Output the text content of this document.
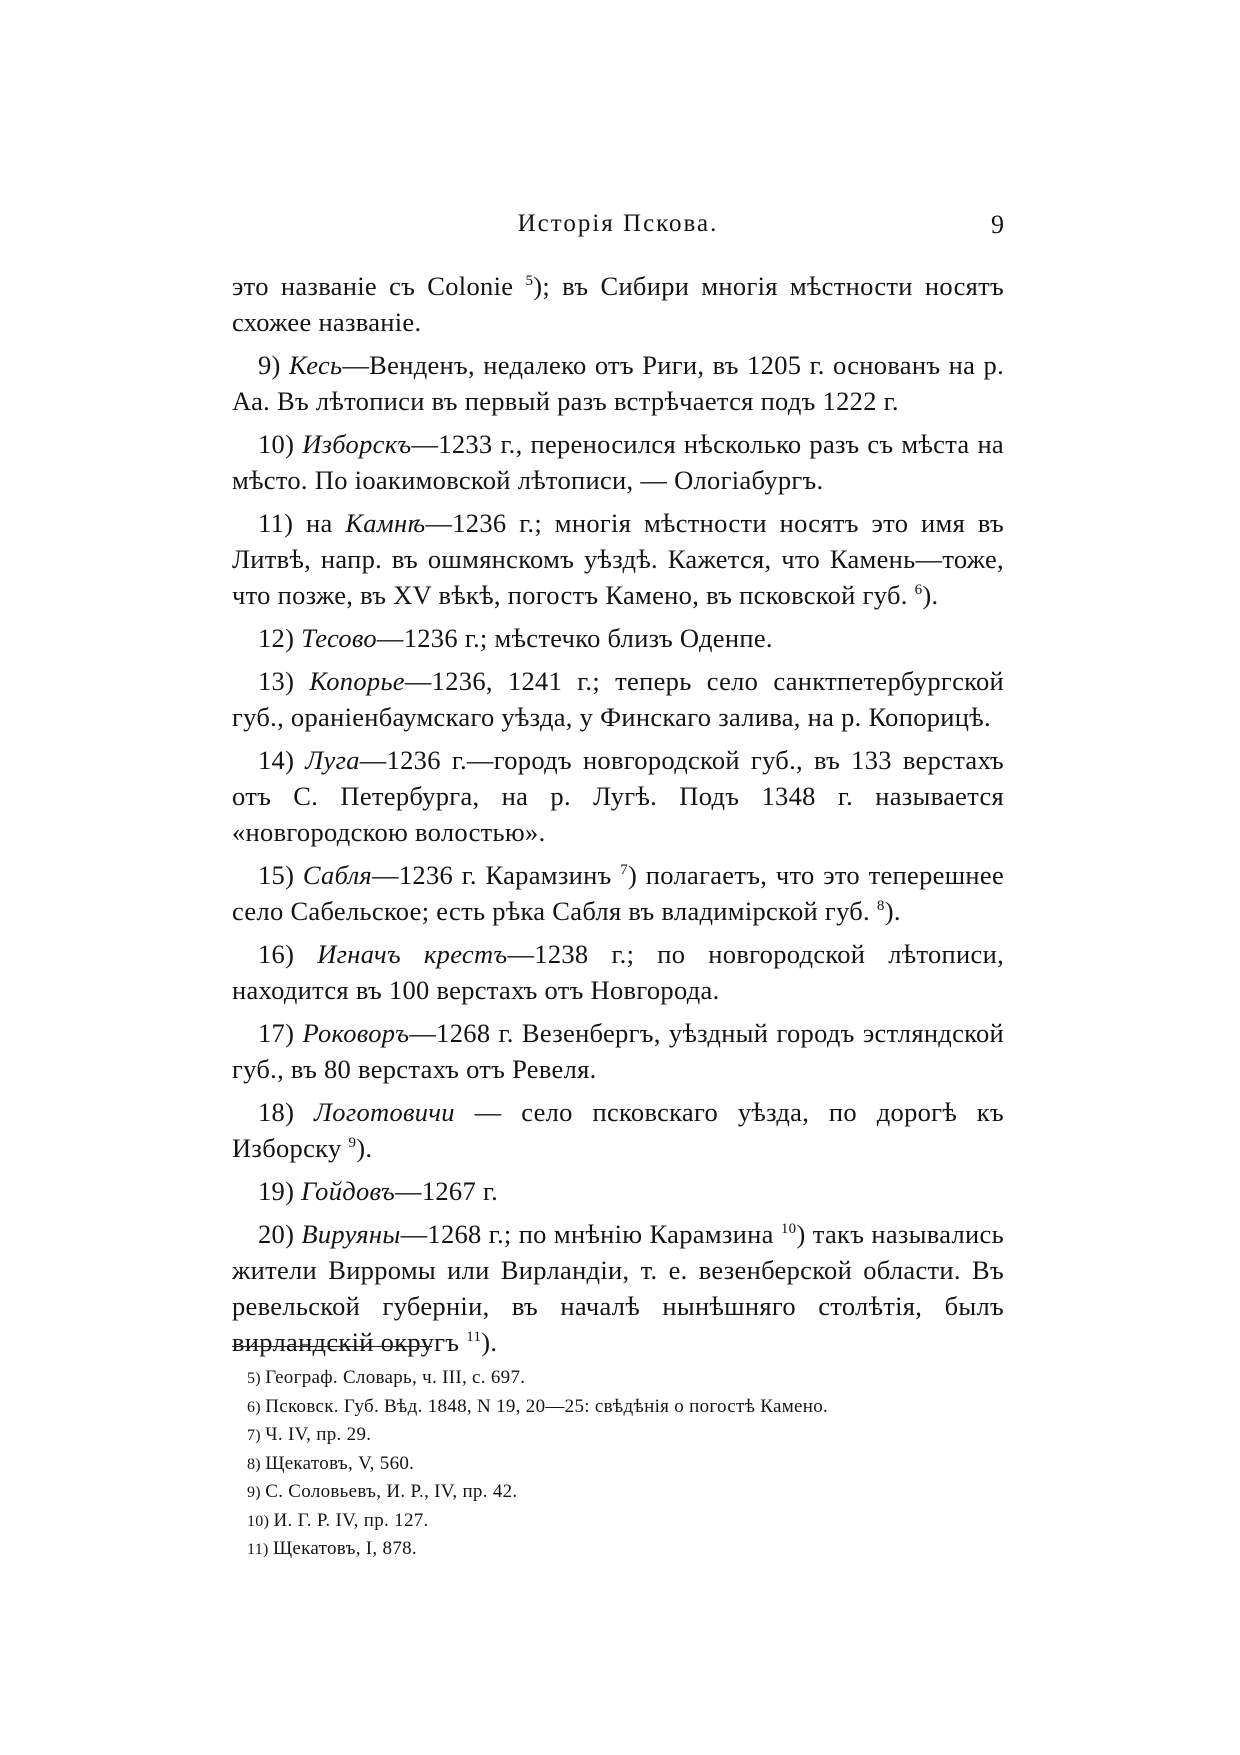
Исторія Пскова.	9

это названіе съ Colonie $^5$); въ Сибири многія мѣстности носятъ схожее названіе.

9) Кесь—Венденъ, недалеко отъ Риги, въ 1205 г. основанъ на р. Аа. Въ лѣтописи въ первый разъ встрѣчается подъ 1222 г.

10) Изборскъ—1233 г., переносился нѣсколько разъ съ мѣста на мѣсто. По іоакимовской лѣтописи, — Ологіабургъ.

11) на Камнѣ—1236 г.; многія мѣстности носятъ это имя въ Литвѣ, напр. въ ошмянскомъ уѣздѣ. Кажется, что Камень—тоже, что позже, въ XV вѣкѣ, погостъ Камено, въ псковской губ. $^6$).

12) Тесово—1236 г.; мѣстечко близъ Оденпе.

13) Копорье—1236, 1241 г.; теперь село санктпетербургской губ., ораніенбаумскаго уѣзда, у Финскаго залива, на р. Копорицѣ.

14) Луга—1236 г.—городъ новгородской губ., въ 133 верстахъ отъ С. Петербурга, на р. Лугѣ. Подъ 1348 г. называется «новгородскою волостью».

15) Сабля—1236 г. Карамзинъ $^7$) полагаетъ, что это теперешнее село Сабельское; есть рѣка Сабля въ владимірской губ. $^8$).

16) Игначъ крестъ—1238 г.; по новгородской лѣтописи, находится въ 100 верстахъ отъ Новгорода.

17) Роковоръ—1268 г. Везенбергъ, уѣздный городъ эстляндской губ., въ 80 верстахъ отъ Ревеля.

18) Логотовичи — село псковскаго уѣзда, по дорогѣ къ Изборску $^9$).

19) Гойдовъ—1267 г.

20) Вируяны—1268 г.; по мнѣнію Карамзина $^{10}$) такъ назывались жители Вирромы или Вирландіи, т. е. везенберской области. Въ ревельской губерніи, въ началѣ нынѣшняго столѣтія, былъ вирландскій округъ $^{11}$).

5) Географ. Словарь, ч. III, с. 697.
6) Псковск. Губ. Вѣд. 1848, N 19, 20—25: свѣдѣнія о погостѣ Камено.
7) Ч. IV, пр. 29.
8) Щекатовъ, V, 560.
9) С. Соловьевъ, И. Р., IV, пр. 42.
10) И. Г. Р. IV, пр. 127.
11) Щекатовъ, I, 878.
